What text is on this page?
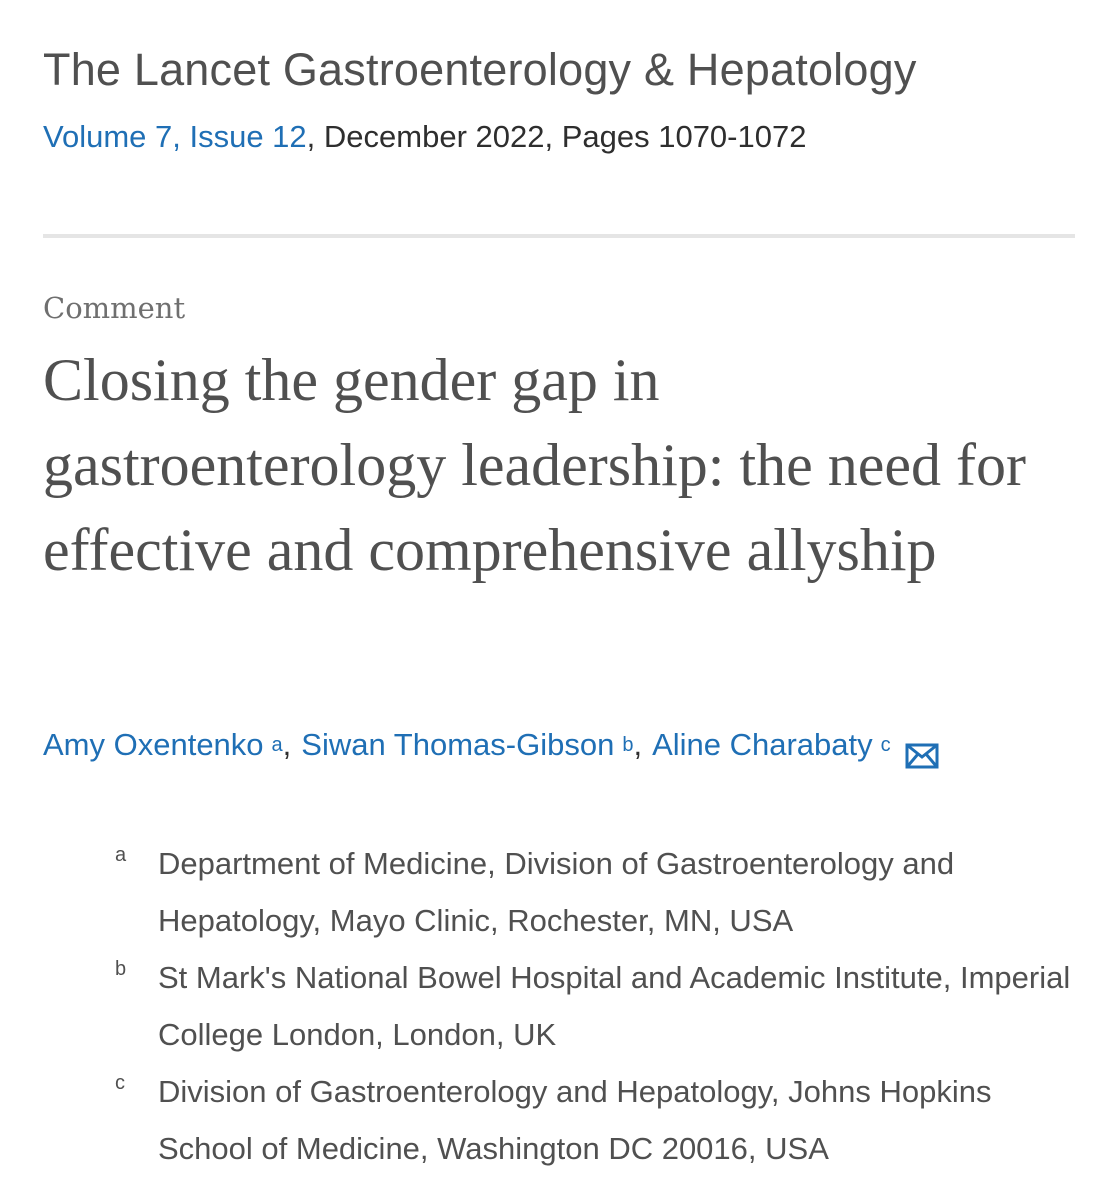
The Lancet Gastroenterology & Hepatology
Volume 7, Issue 12, December 2022, Pages 1070-1072
Comment
Closing the gender gap in gastroenterology leadership: the need for effective and comprehensive allyship
Amy Oxentenko $^a$ , Siwan Thomas-Gibson $^b$ , Aline Charabaty $^c$
a Department of Medicine, Division of Gastroenterology and Hepatology, Mayo Clinic, Rochester, MN, USA
b St Mark's National Bowel Hospital and Academic Institute, Imperial College London, London, UK
c Division of Gastroenterology and Hepatology, Johns Hopkins School of Medicine, Washington DC 20016, USA
